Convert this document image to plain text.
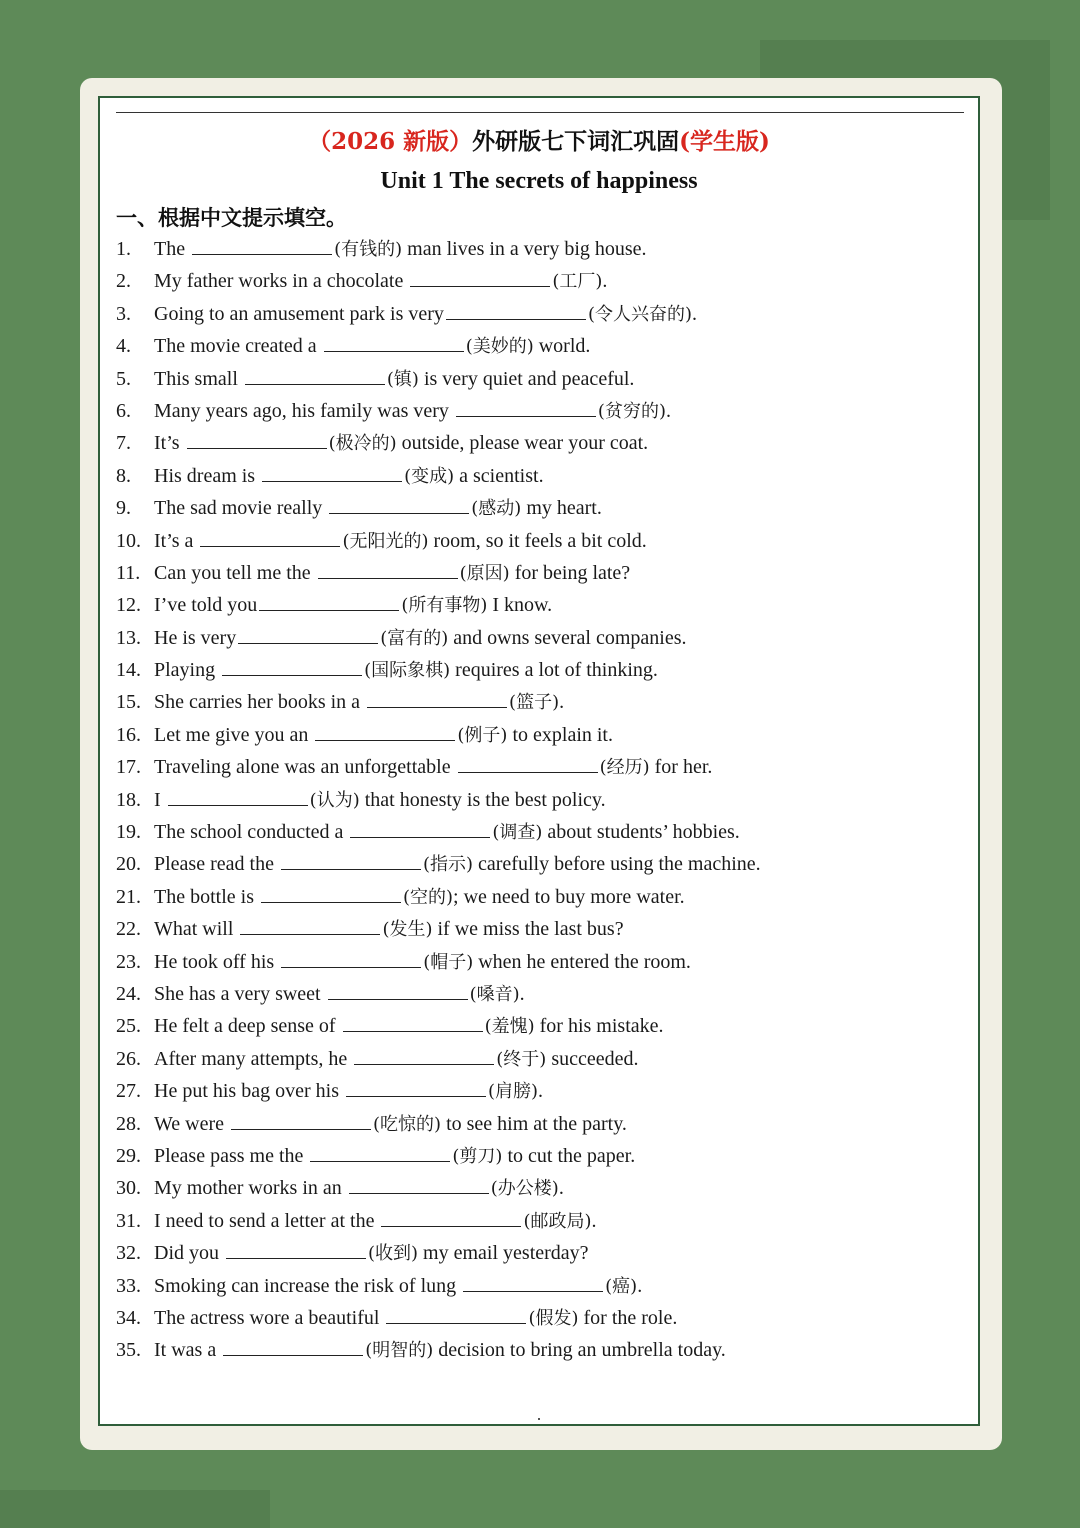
（2026 新版）外研版七下词汇巩固(学生版)
Unit 1 The secrets of happiness
一、根据中文提示填空。
1. The	(有钱的) man lives in a very big house.
2. My father works in a chocolate	(工厂).
3. Going to an amusement park is very	(令人兴奋的).
4. The movie created a	(美妙的) world.
5. This small	(镇) is very quiet and peaceful.
6. Many years ago, his family was very	(贫穷的).
7. It’s	(极冷的) outside, please wear your coat.
8. His dream is	(变成) a scientist.
9. The sad movie really	(感动) my heart.
10. It’s a	(无阳光的) room, so it feels a bit cold.
11. Can you tell me the	(原因) for being late?
12. I’ve told you	(所有事物) I know.
13. He is very	(富有的) and owns several companies.
14. Playing	(国际象棋) requires a lot of thinking.
15. She carries her books in a	(篮子).
16. Let me give you an	(例子) to explain it.
17. Traveling alone was an unforgettable	(经历) for her.
18. I	(认为) that honesty is the best policy.
19. The school conducted a	(调查) about students’ hobbies.
20. Please read the	(指示) carefully before using the machine.
21. The bottle is	(空的); we need to buy more water.
22. What will	(发生) if we miss the last bus?
23. He took off his	(帽子) when he entered the room.
24. She has a very sweet	(嗓音).
25. He felt a deep sense of	(羞愧) for his mistake.
26. After many attempts, he	(终于) succeeded.
27. He put his bag over his	(肩膀).
28. We were	(吃惊的) to see him at the party.
29. Please pass me the	(剪刀) to cut the paper.
30. My mother works in an	(办公楼).
31. I need to send a letter at the	(邮政局).
32. Did you	(收到) my email yesterday?
33. Smoking can increase the risk of lung	(癌).
34. The actress wore a beautiful	(假发) for the role.
35. It was a	(明智的) decision to bring an umbrella today.
